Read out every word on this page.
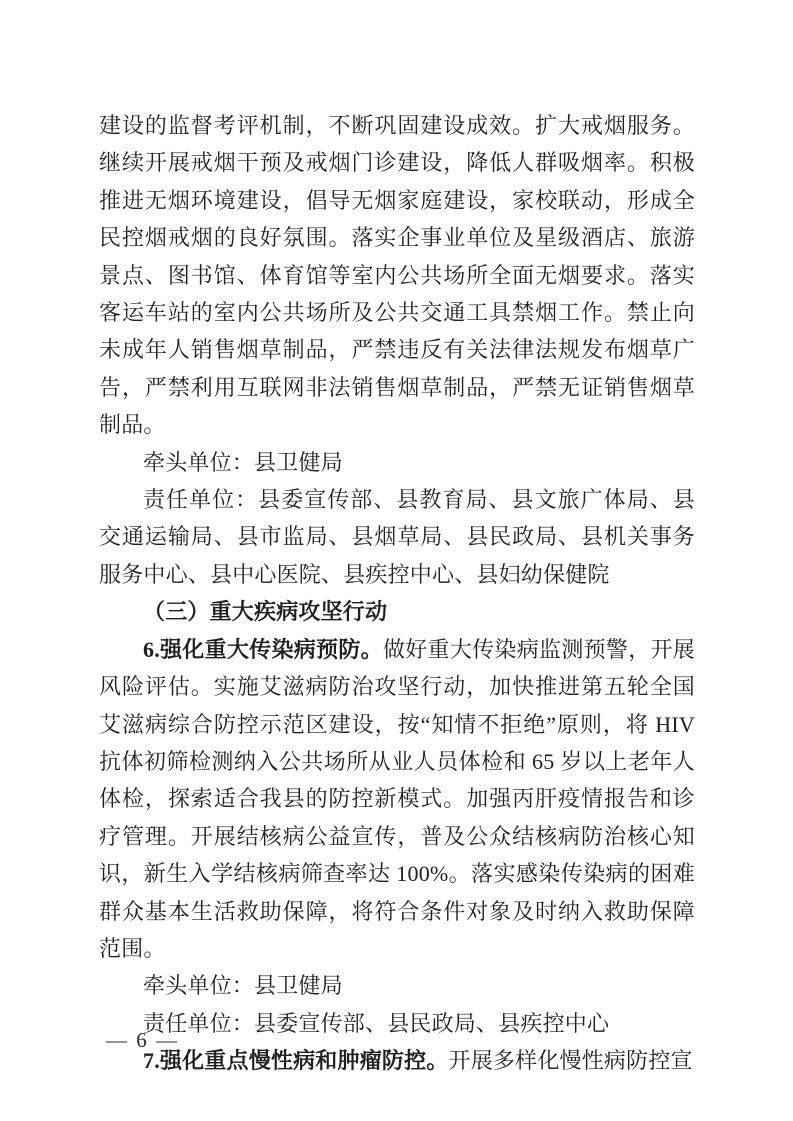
建设的监督考评机制，不断巩固建设成效。扩大戒烟服务。继续开展戒烟干预及戒烟门诊建设，降低人群吸烟率。积极推进无烟环境建设，倡导无烟家庭建设，家校联动，形成全民控烟戒烟的良好氛围。落实企事业单位及星级酒店、旅游景点、图书馆、体育馆等室内公共场所全面无烟要求。落实客运车站的室内公共场所及公共交通工具禁烟工作。禁止向未成年人销售烟草制品，严禁违反有关法律法规发布烟草广告，严禁利用互联网非法销售烟草制品，严禁无证销售烟草制品。

牵头单位：县卫健局

责任单位：县委宣传部、县教育局、县文旅广体局、县交通运输局、县市监局、县烟草局、县民政局、县机关事务服务中心、县中心医院、县疾控中心、县妇幼保健院

（三）重大疾病攻坚行动

6.强化重大传染病预防。做好重大传染病监测预警，开展风险评估。实施艾滋病防治攻坚行动，加快推进第五轮全国艾滋病综合防控示范区建设，按“知情不拒绝”原则，将 HIV 抗体初筛检测纳入公共场所从业人员体检和 65 岁以上老年人体检，探索适合我县的防控新模式。加强丙肝疫情报告和诊疗管理。开展结核病公益宣传，普及公众结核病防治核心知识，新生入学结核病筛查率达 100%。落实感染传染病的困难群众基本生活救助保障，将符合条件对象及时纳入救助保障范围。

牵头单位：县卫健局

责任单位：县委宣传部、县民政局、县疾控中心

7.强化重点慢性病和肿瘤防控。开展多样化慢性病防控宣

— 6 —
